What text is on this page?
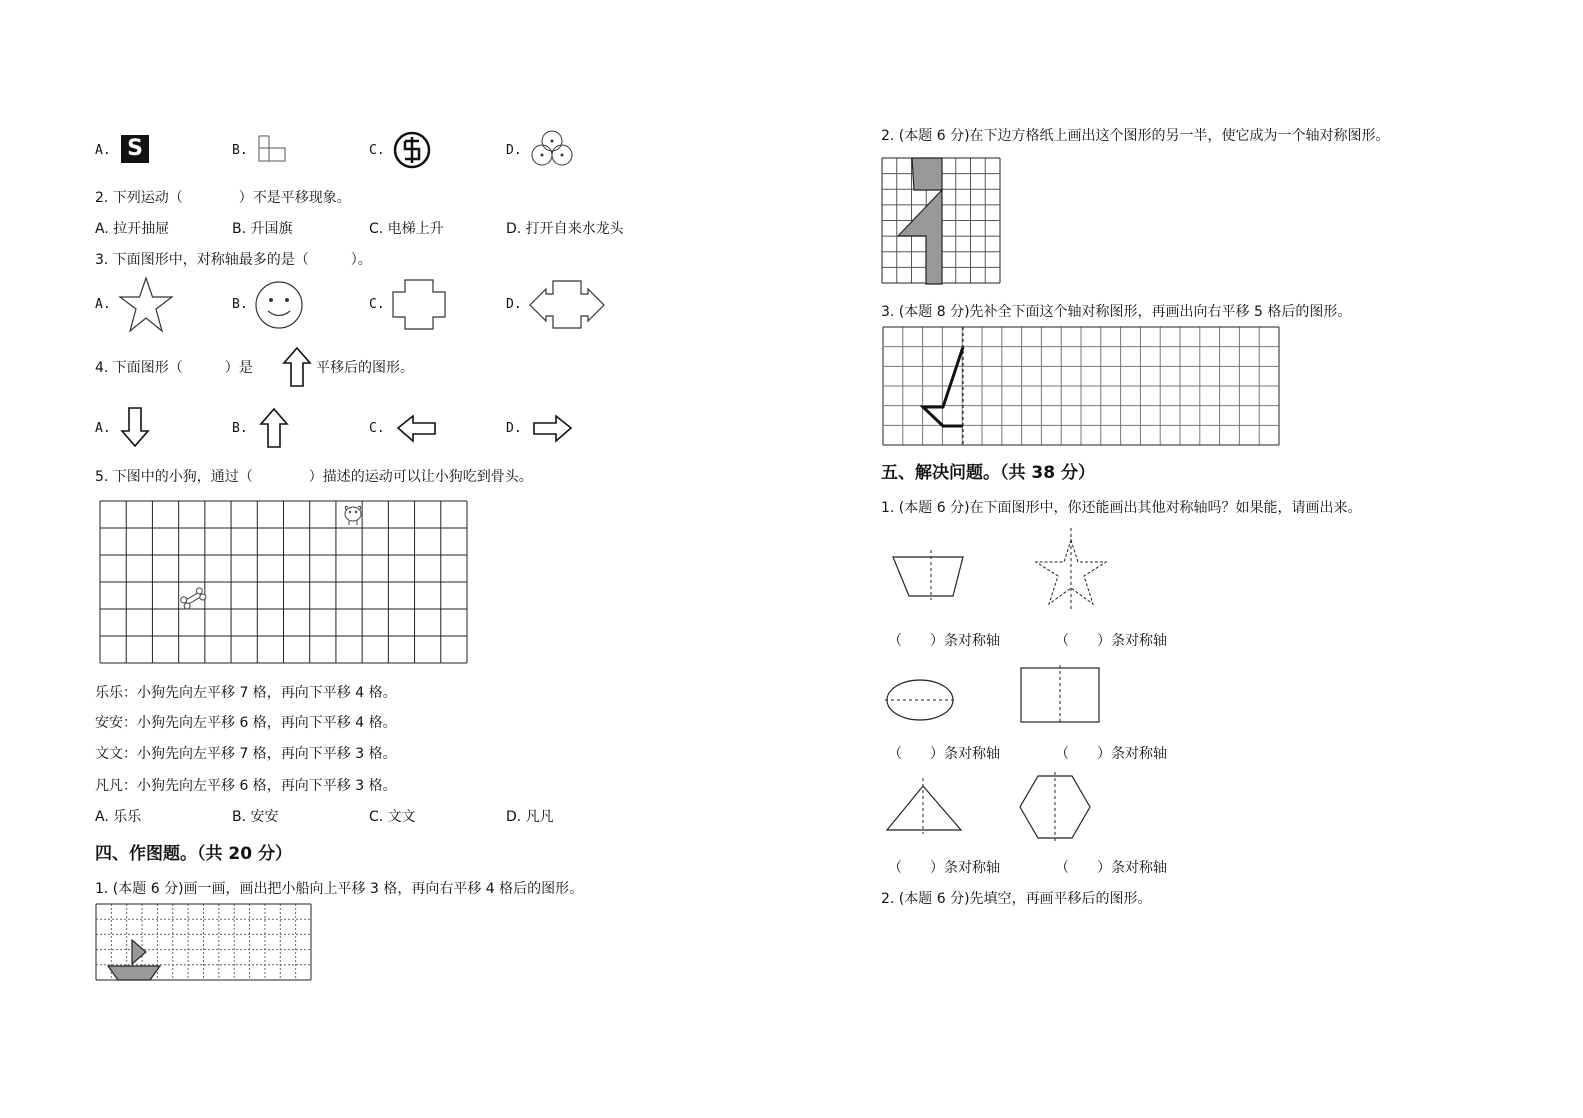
A. S	B.	C.	D.
2. 下列运动（　　　　）不是平移现象。
A. 拉开抽屉	B. 升国旗	C. 电梯上升	D. 打开自来水龙头
3. 下面图形中，对称轴最多的是（　　　）。
A.	B.	C.	D.
4. 下面图形（　　　）是	平移后的图形。
A.	B.	C.	D.
5. 下图中的小狗，通过（　　　　）描述的运动可以让小狗吃到骨头。
乐乐：小狗先向左平移 7 格，再向下平移 4 格。
安安：小狗先向左平移 6 格，再向下平移 4 格。
文文：小狗先向左平移 7 格，再向下平移 3 格。
凡凡：小狗先向左平移 6 格，再向下平移 3 格。
A. 乐乐	B. 安安	C. 文文	D. 凡凡
四、作图题。（共 20 分）
1. (本题 6 分)画一画，画出把小船向上平移 3 格，再向右平移 4 格后的图形。
2. (本题 6 分)在下边方格纸上画出这个图形的另一半，使它成为一个轴对称图形。
3. (本题 8 分)先补全下面这个轴对称图形，再画出向右平移 5 格后的图形。
五、解决问题。（共 38 分）
1. (本题 6 分)在下面图形中，你还能画出其他对称轴吗？如果能，请画出来。
（　　）条对称轴	（　　）条对称轴
（　　）条对称轴	（　　）条对称轴
（　　）条对称轴	（　　）条对称轴
2. (本题 6 分)先填空，再画平移后的图形。
